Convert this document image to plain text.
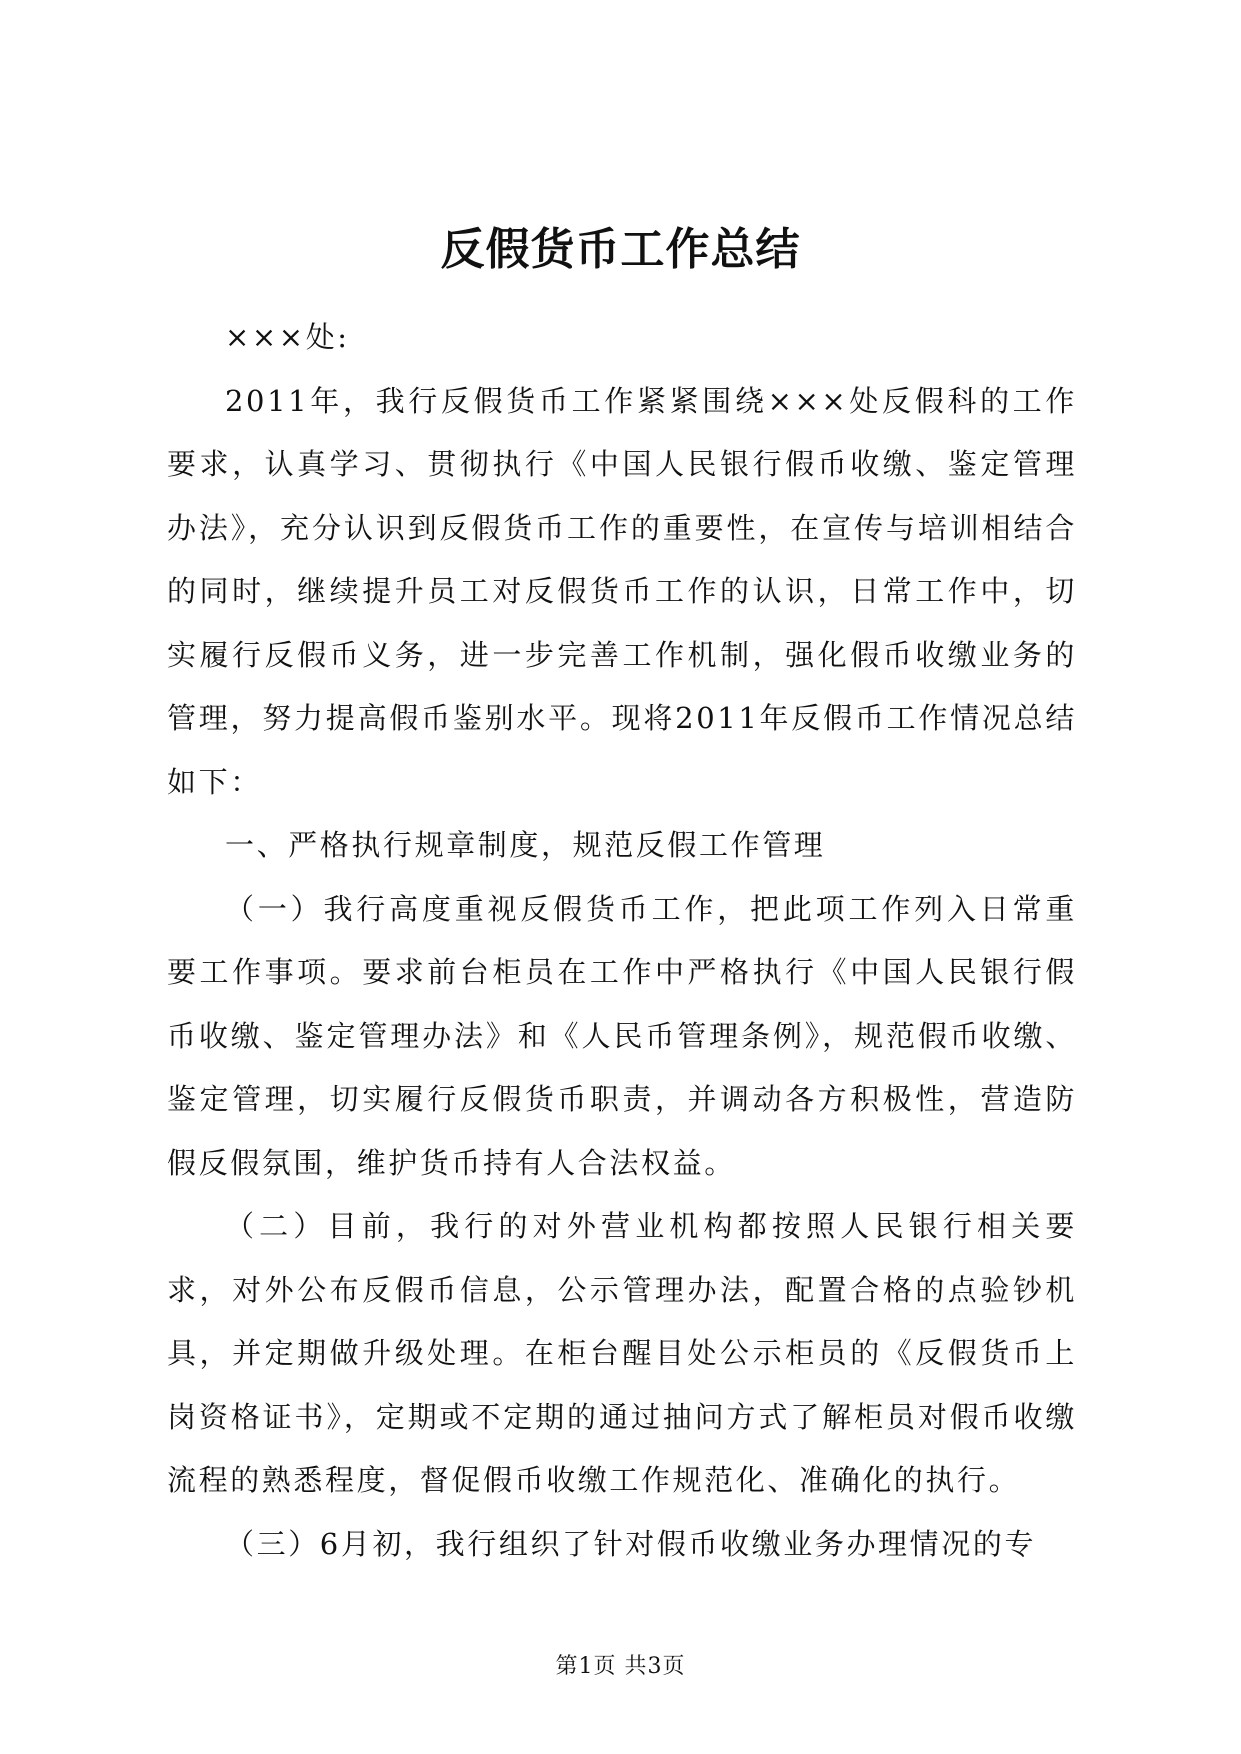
反假货币工作总结

×××处:

2011年，我行反假货币工作紧紧围绕×××处反假科的工作要求，认真学习、贯彻执行《中国人民银行假币收缴、鉴定管理办法》，充分认识到反假货币工作的重要性，在宣传与培训相结合的同时，继续提升员工对反假货币工作的认识，日常工作中，切实履行反假币义务，进一步完善工作机制，强化假币收缴业务的管理，努力提高假币鉴别水平。现将2011年反假币工作情况总结如下：

一、严格执行规章制度，规范反假工作管理

（一）我行高度重视反假货币工作，把此项工作列入日常重要工作事项。要求前台柜员在工作中严格执行《中国人民银行假币收缴、鉴定管理办法》和《人民币管理条例》，规范假币收缴、鉴定管理，切实履行反假货币职责，并调动各方积极性，营造防假反假氛围，维护货币持有人合法权益。

（二）目前，我行的对外营业机构都按照人民银行相关要求，对外公布反假币信息，公示管理办法，配置合格的点验钞机具，并定期做升级处理。在柜台醒目处公示柜员的《反假货币上岗资格证书》，定期或不定期的通过抽问方式了解柜员对假币收缴流程的熟悉程度，督促假币收缴工作规范化、准确化的执行。

（三）6月初，我行组织了针对假币收缴业务办理情况的专

第1页 共3页
